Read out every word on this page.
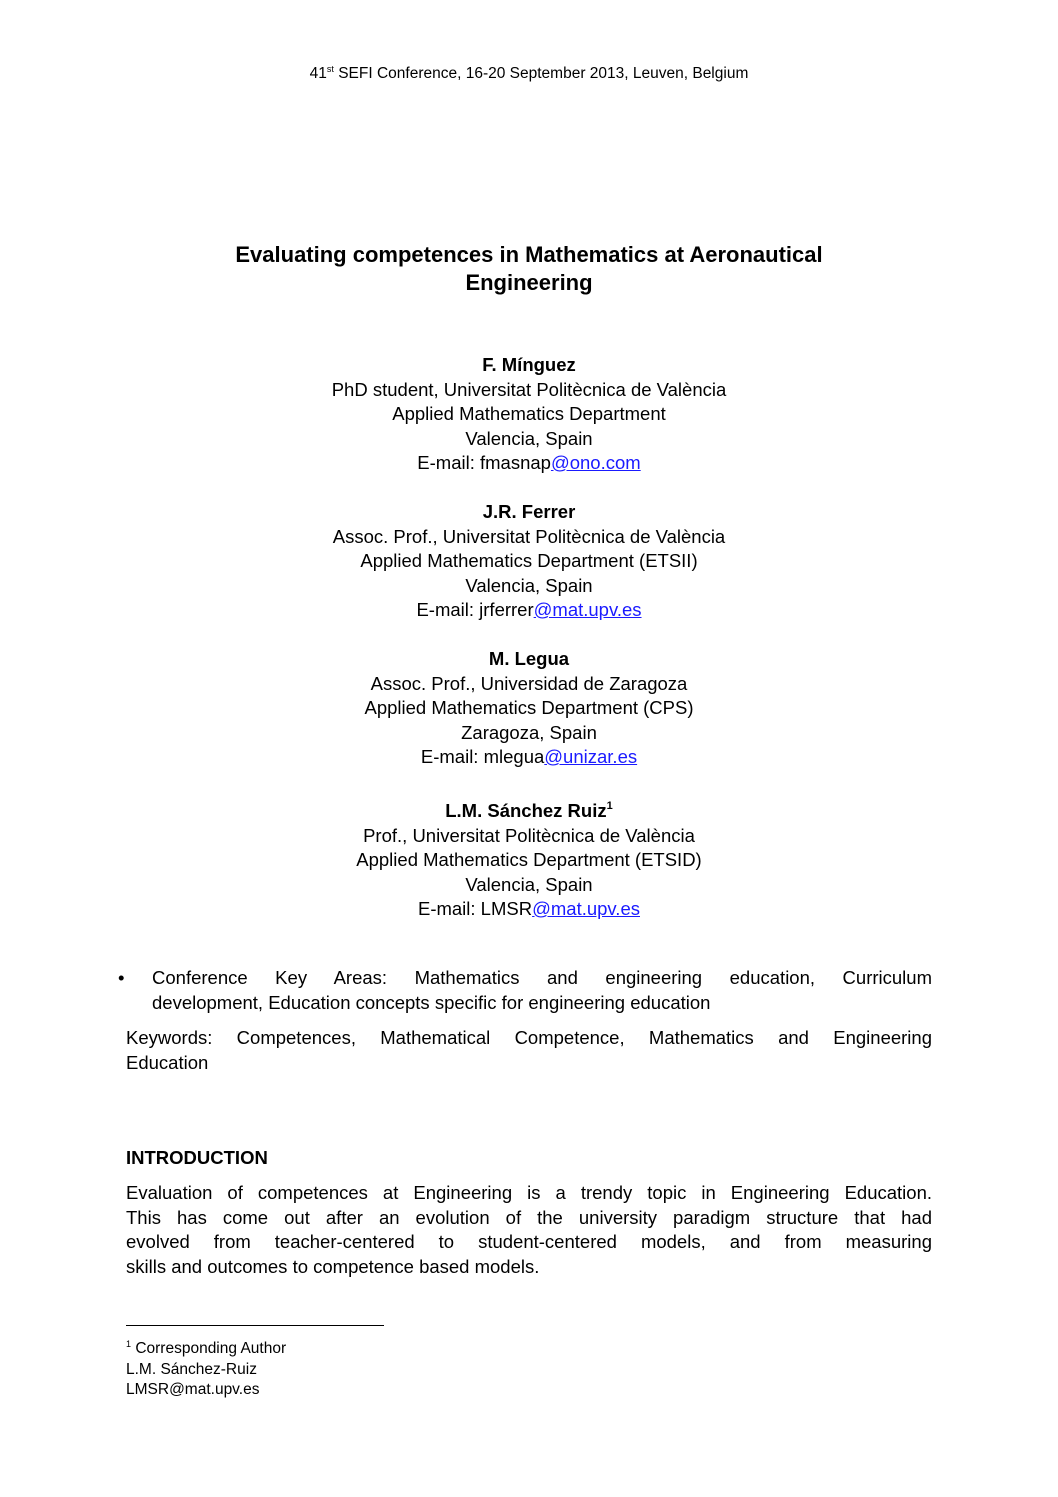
41st SEFI Conference, 16-20 September 2013, Leuven, Belgium
Evaluating competences in Mathematics at Aeronautical
Engineering
F. Mínguez
PhD student, Universitat Politècnica de València
Applied Mathematics Department
Valencia, Spain
E-mail: fmasnap@ono.com
J.R. Ferrer
Assoc. Prof., Universitat Politècnica de València
Applied Mathematics Department (ETSII)
Valencia, Spain
E-mail: jrferrer@mat.upv.es
M. Legua
Assoc. Prof., Universidad de Zaragoza
Applied Mathematics Department (CPS)
Zaragoza, Spain
E-mail: mlegua@unizar.es
L.M. Sánchez Ruiz$^1$
Prof., Universitat Politècnica de València
Applied Mathematics Department (ETSID)
Valencia, Spain
E-mail: LMSR@mat.upv.es
• Conference Key Areas: Mathematics and engineering education, Curriculum
development, Education concepts specific for engineering education
Keywords: Competences, Mathematical Competence, Mathematics and Engineering
Education
INTRODUCTION
Evaluation of competences at Engineering is a trendy topic in Engineering Education.
This has come out after an evolution of the university paradigm structure that had
evolved from teacher-centered to student-centered models, and from measuring
skills and outcomes to competence based models.
$^1$ Corresponding Author
L.M. Sánchez-Ruiz
LMSR@mat.upv.es
